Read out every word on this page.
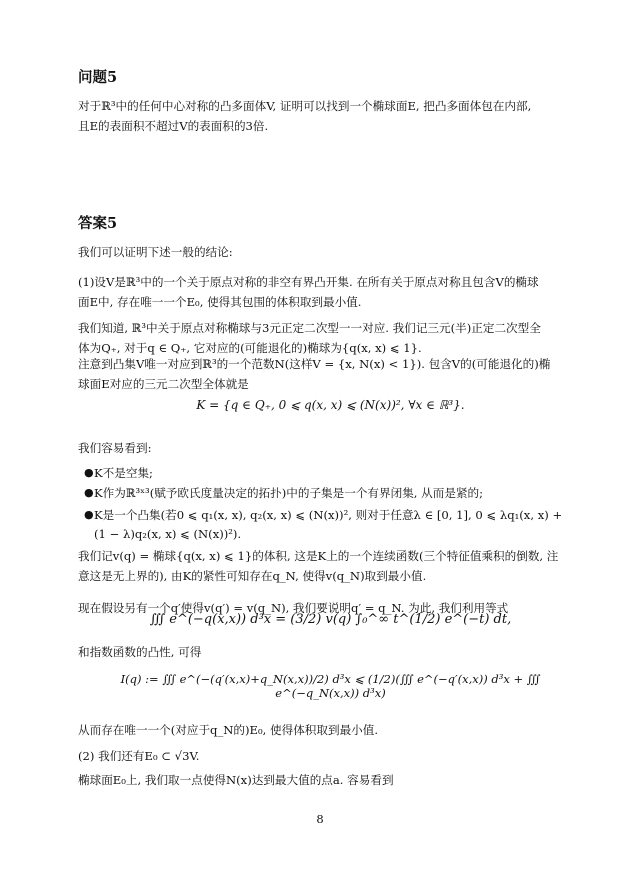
问题5
对于ℝ³中的任何中心对称的凸多面体V, 证明可以找到一个椭球面E, 把凸多面体包在内部,
且E的表面积不超过V的表面积的3倍.
答案5
我们可以证明下述一般的结论:
(1)设V是ℝ³中的一个关于原点对称的非空有界凸开集. 在所有关于原点对称且包含V的椭球
面E中, 存在唯一一个E₀, 使得其包围的体积取到最小值.
我们知道, ℝ³中关于原点对称椭球与3元正定二次型一一对应. 我们记三元(半)正定二次型全
体为Q₊, 对于q ∈ Q₊, 它对应的(可能退化的)椭球为{q(x, x) ⩽ 1}.
注意到凸集V唯一对应到ℝ³的一个范数N(这样V = {x, N(x) < 1}). 包含V的(可能退化的)椭
球面E对应的三元二次型全体就是
K = {q ∈ Q₊, 0 ⩽ q(x, x) ⩽ (N(x))², ∀x ∈ ℝ³}.
我们容易看到:
● K不是空集;
● K作为ℝ³ˣ³(赋予欧氏度量决定的拓扑)中的子集是一个有界闭集, 从而是紧的;
● K是一个凸集(若0 ⩽ q₁(x, x), q₂(x, x) ⩽ (N(x))², 则对于任意λ ∈ [0, 1], 0 ⩽ λq₁(x, x) +
(1 − λ)q₂(x, x) ⩽ (N(x))²).
我们记v(q) = 椭球{q(x, x) ⩽ 1}的体积, 这是K上的一个连续函数(三个特征值乘积的倒数, 注
意这是无上界的), 由K的紧性可知存在q_N, 使得v(q_N)取到最小值.
现在假设另有一个q′使得v(q′) = v(q_N), 我们要说明q′ = q_N. 为此, 我们利用等式
∭ e^(−q(x,x)) d³x = (3/2) v(q) ∫₀^∞ t^(1/2) e^(−t) dt,
和指数函数的凸性, 可得
I(q) := ∭ e^(−(q′(x,x)+q_N(x,x))/2) d³x ⩽ (1/2)(∭ e^(−q′(x,x)) d³x + ∭ e^(−q_N(x,x)) d³x)
从而存在唯一一个(对应于q_N的)E₀, 使得体积取到最小值.
(2) 我们还有E₀ ⊂ √3V.
椭球面E₀上, 我们取一点使得N(x)达到最大值的点a. 容易看到
8
